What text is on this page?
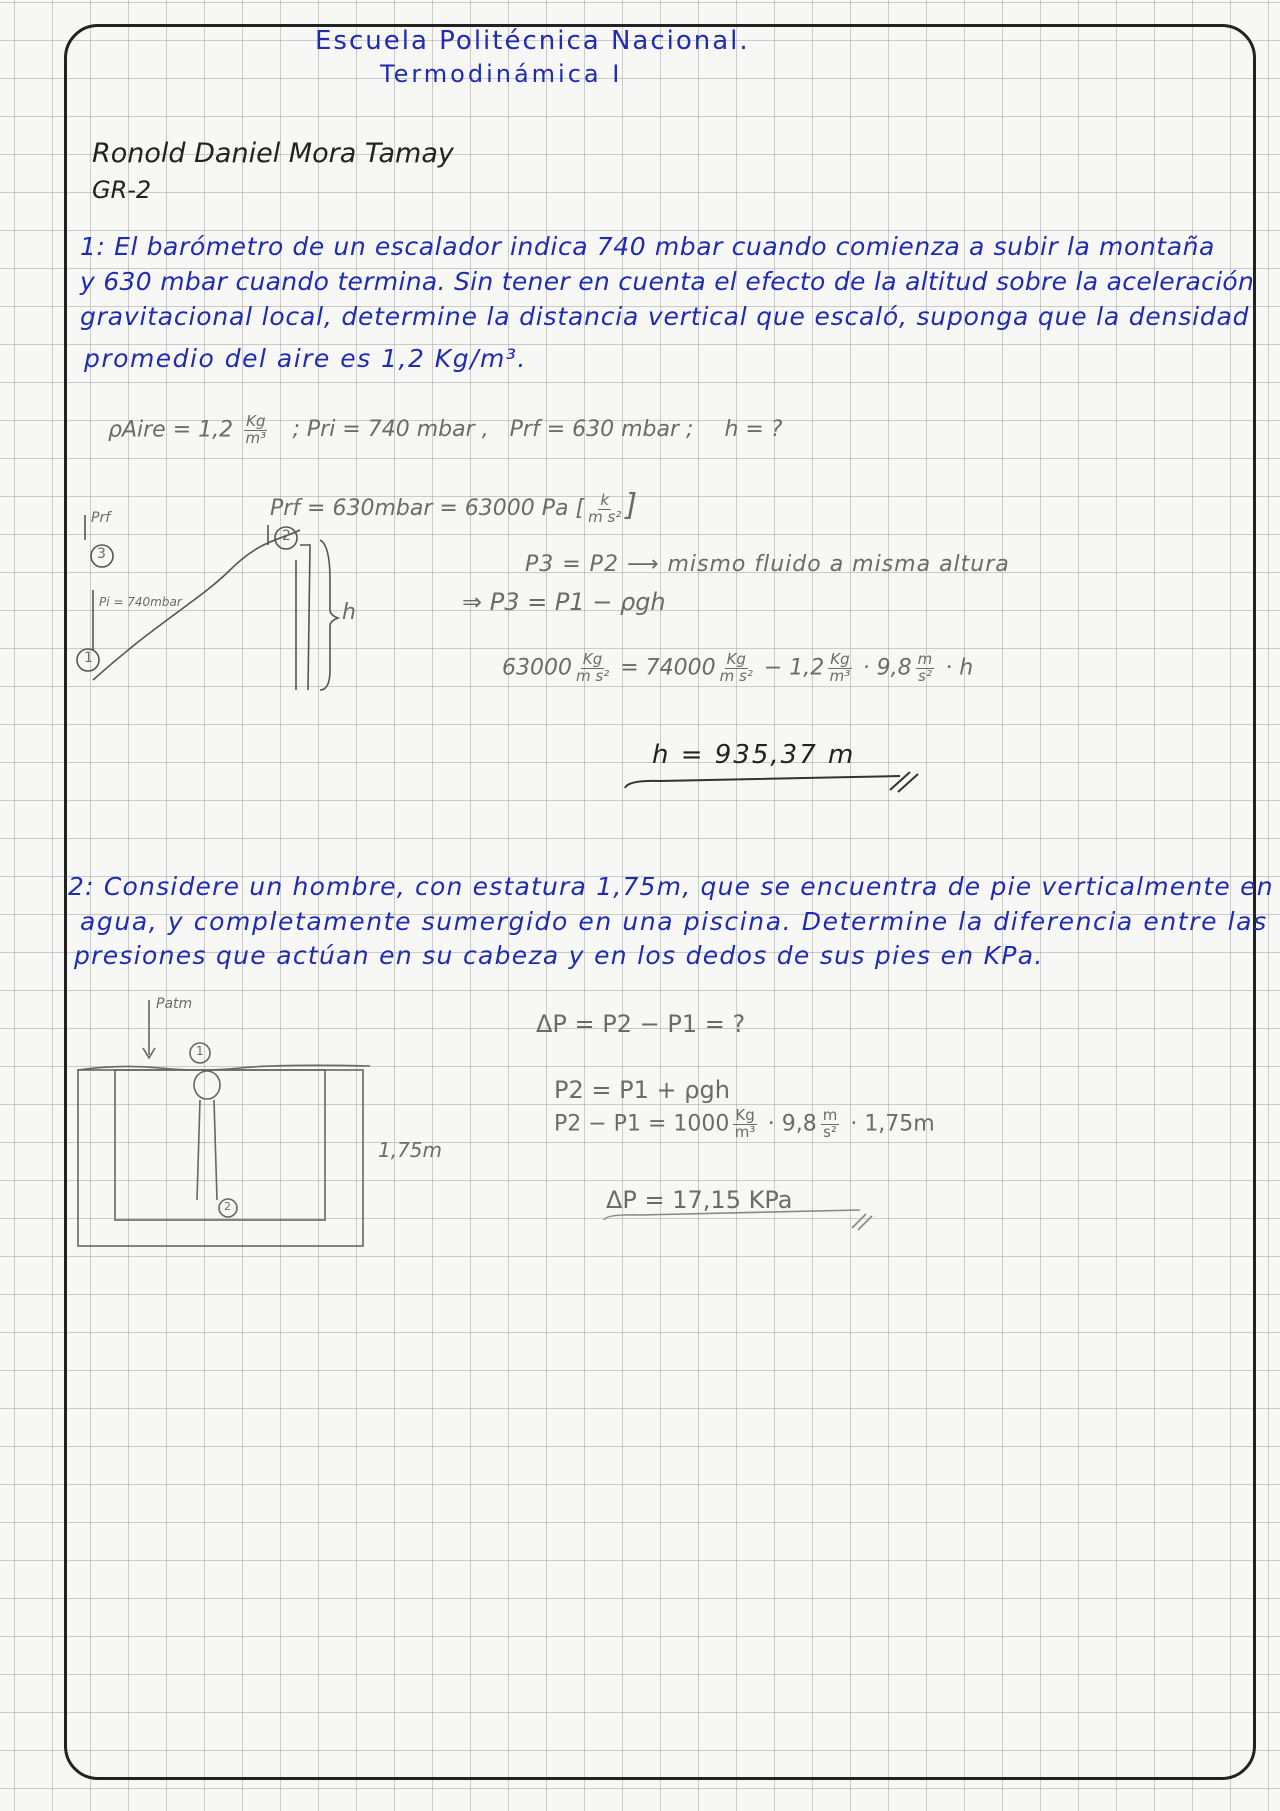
Escuela Politécnica Nacional.
Termodinámica I
Ronold Daniel Mora Tamay
GR-2
1: El barómetro de un escalador indica 740 mbar cuando comienza a subir la montaña
y 630 mbar cuando termina. Sin tener en cuenta el efecto de la altitud sobre la aceleración
gravitacional local, determine la distancia vertical que escaló, suponga que la densidad
promedio del aire es 1,2 Kg/m³.
ρAire = $1,2 \frac{Kg}{\text{m³}}$ ; Pri = 740 mbar , Prf = 630 mbar ; h = ?
Prf = 630mbar = 63000 Pa [ $\frac{k}{\text{m s²}}$ ]
Prf
3
Pi = 740mbar
1
2
h
P3 = P2 ⟶ mismo fluido a misma altura
⇒ P3 = P1 − ρgh
$63000 \frac{Kg}{\text{m s²}} = 74000 \frac{Kg}{\text{m s²}} - 1,2 \frac{Kg}{\text{m³}} \cdot 9,8 \frac{m}{\text{s²}} \cdot h$
h = 935,37 m
2: Considere un hombre, con estatura 1,75m, que se encuentra de pie verticalmente en
agua, y completamente sumergido en una piscina. Determine la diferencia entre las
presiones que actúan en su cabeza y en los dedos de sus pies en KPa.
Patm
1
2
1,75m
ΔP = P2 − P1 = ?
P2 = P1 + ρgh
$P2 - P1 = 1000 \frac{Kg}{\text{m³}} \cdot 9,8 \frac{m}{\text{s²}} \cdot 1,75m$
ΔP = 17,15 KPa
